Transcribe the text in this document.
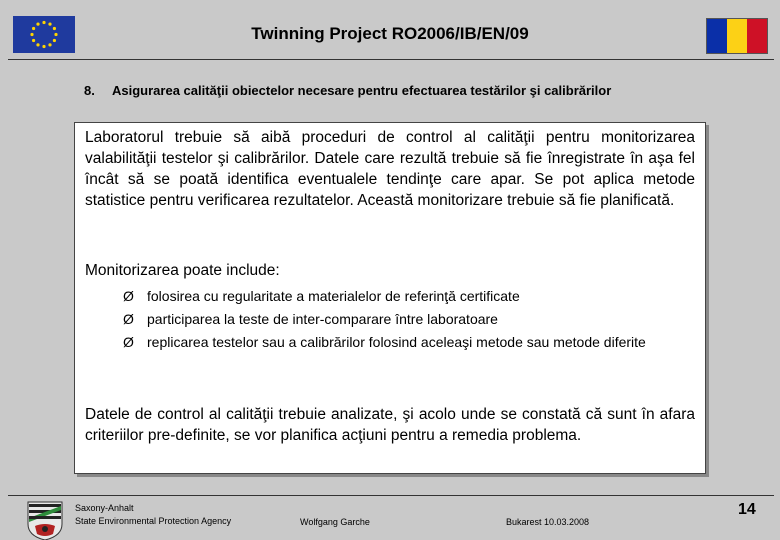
Twinning Project RO2006/IB/EN/09
8. Asigurarea calităţii obiectelor necesare pentru efectuarea testărilor şi calibrărilor
Laboratorul trebuie să aibă proceduri de control al calităţii pentru monitorizarea valabilităţii testelor şi calibrărilor. Datele care rezultă trebuie să fie înregistrate în aşa fel încât să se poată identifica eventualele tendinţe care apar. Se pot aplica metode statistice pentru verificarea rezultatelor. Această monitorizare trebuie să fie planificată.
Monitorizarea poate include:
Ø folosirea cu regularitate a materialelor de referinţă certificate
Ø participarea la teste de inter-comparare între laboratoare
Ø replicarea testelor sau a calibrărilor folosind aceleaşi metode sau metode diferite
Datele de control al calităţii trebuie analizate, şi acolo unde se constată că sunt în afara criteriilor pre-definite, se vor planifica acţiuni pentru a remedia problema.
Saxony-Anhalt
State Environmental Protection Agency	Wolfgang Garche	Bukarest 10.03.2008
14
